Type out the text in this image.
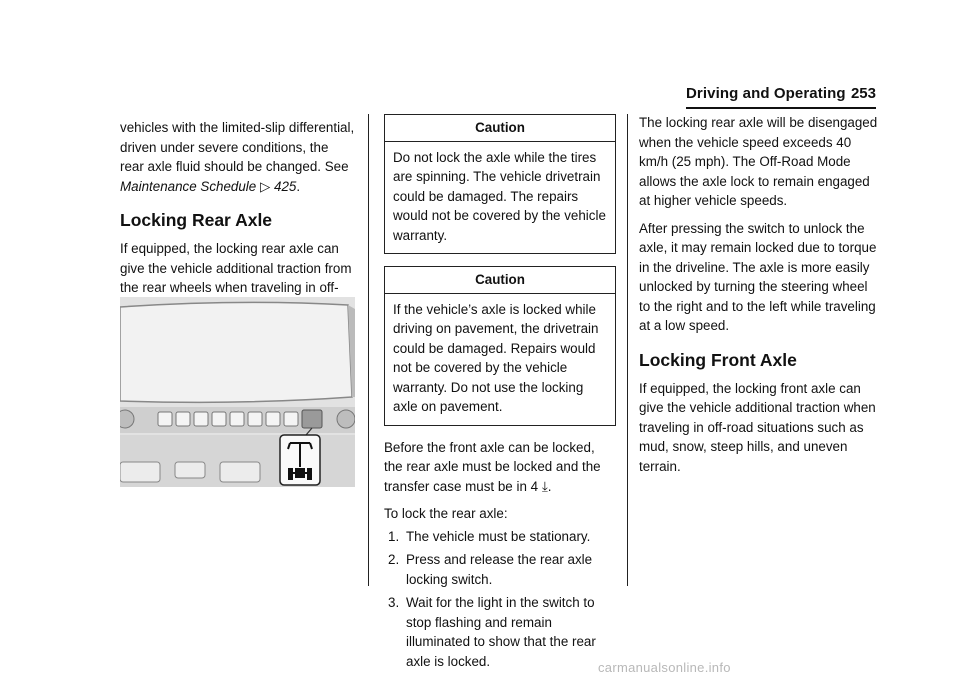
Driving and Operating 253

vehicles with the limited-slip differential, driven under severe conditions, the rear axle fluid should be changed. See Maintenance Schedule ▷ 425.

Locking Rear Axle

If equipped, the locking rear axle can give the vehicle additional traction from the rear wheels when traveling in off-

Caution

Do not lock the axle while the tires are spinning. The vehicle drivetrain could be damaged. The repairs would not be covered by the vehicle warranty.

Caution

If the vehicle’s axle is locked while driving on pavement, the drivetrain could be damaged. Repairs would not be covered by the vehicle warranty. Do not use the locking axle on pavement.

Before the front axle can be locked, the rear axle must be locked and the transfer case must be in 4 ⤓.

To lock the rear axle:

1. The vehicle must be stationary.
2. Press and release the rear axle locking switch.
3. Wait for the light in the switch to stop flashing and remain illuminated to show that the rear axle is locked.

The locking rear axle will be disengaged when the vehicle speed exceeds 40 km/h (25 mph). The Off-Road Mode allows the axle lock to remain engaged at higher vehicle speeds.

After pressing the switch to unlock the axle, it may remain locked due to torque in the driveline. The axle is more easily unlocked by turning the steering wheel to the right and to the left while traveling at a low speed.

Locking Front Axle

If equipped, the locking front axle can give the vehicle additional traction when traveling in off-road situations such as mud, snow, steep hills, and uneven terrain.

carmanualsonline.info
